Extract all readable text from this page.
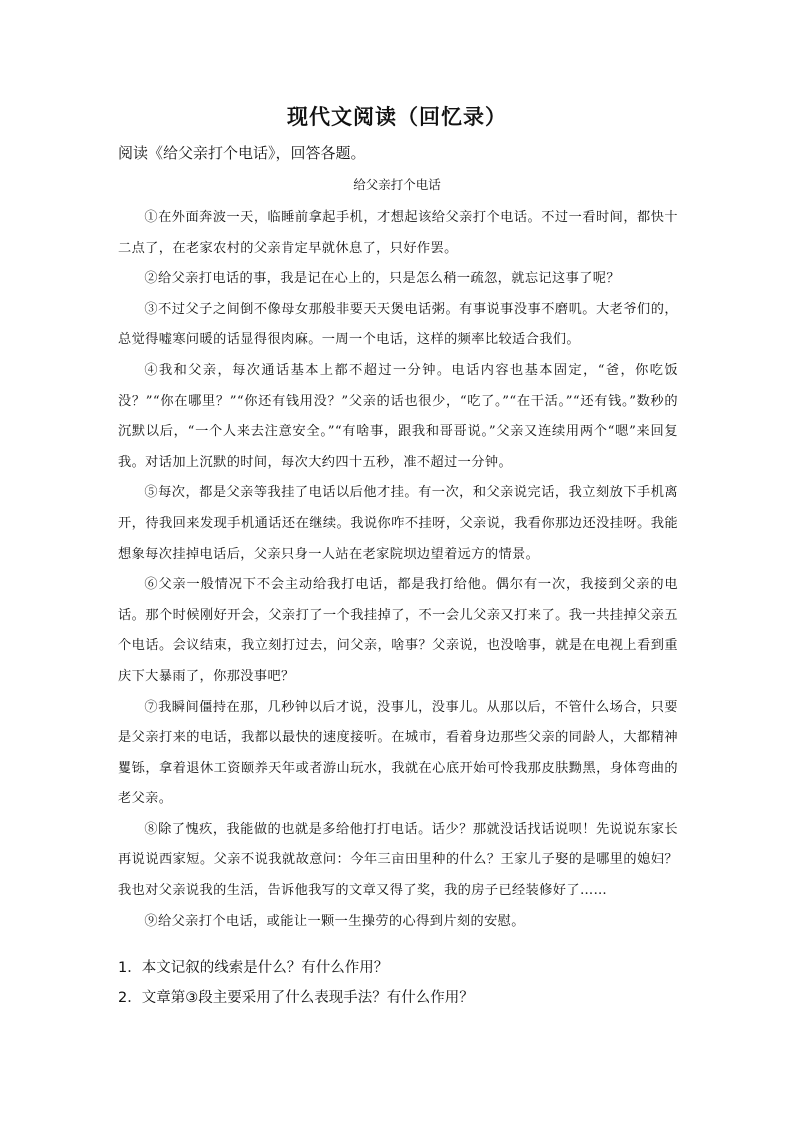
现代文阅读（回忆录）
阅读《给父亲打个电话》，回答各题。
给父亲打个电话

①在外面奔波一天，临睡前拿起手机，才想起该给父亲打个电话。不过一看时间，都快十二点了，在老家农村的父亲肯定早就休息了，只好作罢。

②给父亲打电话的事，我是记在心上的，只是怎么稍一疏忽，就忘记这事了呢？

③不过父子之间倒不像母女那般非要天天煲电话粥。有事说事没事不磨叽。大老爷们的，总觉得嘘寒问暖的话显得很肉麻。一周一个电话，这样的频率比较适合我们。

④我和父亲，每次通话基本上都不超过一分钟。电话内容也基本固定，“爸，你吃饭没？”“你在哪里？”“你还有钱用没？”父亲的话也很少，“吃了。”“在干活。”“还有钱。”数秒的沉默以后，“一个人来去注意安全。”“有啥事，跟我和哥哥说。”父亲又连续用两个“嗯”来回复我。对话加上沉默的时间，每次大约四十五秒，准不超过一分钟。

⑤每次，都是父亲等我挂了电话以后他才挂。有一次，和父亲说完话，我立刻放下手机离开，待我回来发现手机通话还在继续。我说你咋不挂呀，父亲说，我看你那边还没挂呀。我能想象每次挂掉电话后，父亲只身一人站在老家院坝边望着远方的情景。

⑥父亲一般情况下不会主动给我打电话，都是我打给他。偶尔有一次，我接到父亲的电话。那个时候刚好开会，父亲打了一个我挂掉了，不一会儿父亲又打来了。我一共挂掉父亲五个电话。会议结束，我立刻打过去，问父亲，啥事？父亲说，也没啥事，就是在电视上看到重庆下大暴雨了，你那没事吧？

⑦我瞬间僵持在那，几秒钟以后才说，没事儿，没事儿。从那以后，不管什么场合，只要是父亲打来的电话，我都以最快的速度接听。在城市，看着身边那些父亲的同龄人，大都精神矍铄，拿着退休工资颐养天年或者游山玩水，我就在心底开始可怜我那皮肤黝黑，身体弯曲的老父亲。

⑧除了愧疚，我能做的也就是多给他打打电话。话少？那就没话找话说呗！先说说东家长再说说西家短。父亲不说我就故意问：今年三亩田里种的什么？王家儿子娶的是哪里的媳妇？我也对父亲说我的生活，告诉他我写的文章又得了奖，我的房子已经装修好了……

⑨给父亲打个电话，或能让一颗一生操劳的心得到片刻的安慰。

1．本文记叙的线索是什么？有什么作用？

2．文章第③段主要采用了什么表现手法？有什么作用？
